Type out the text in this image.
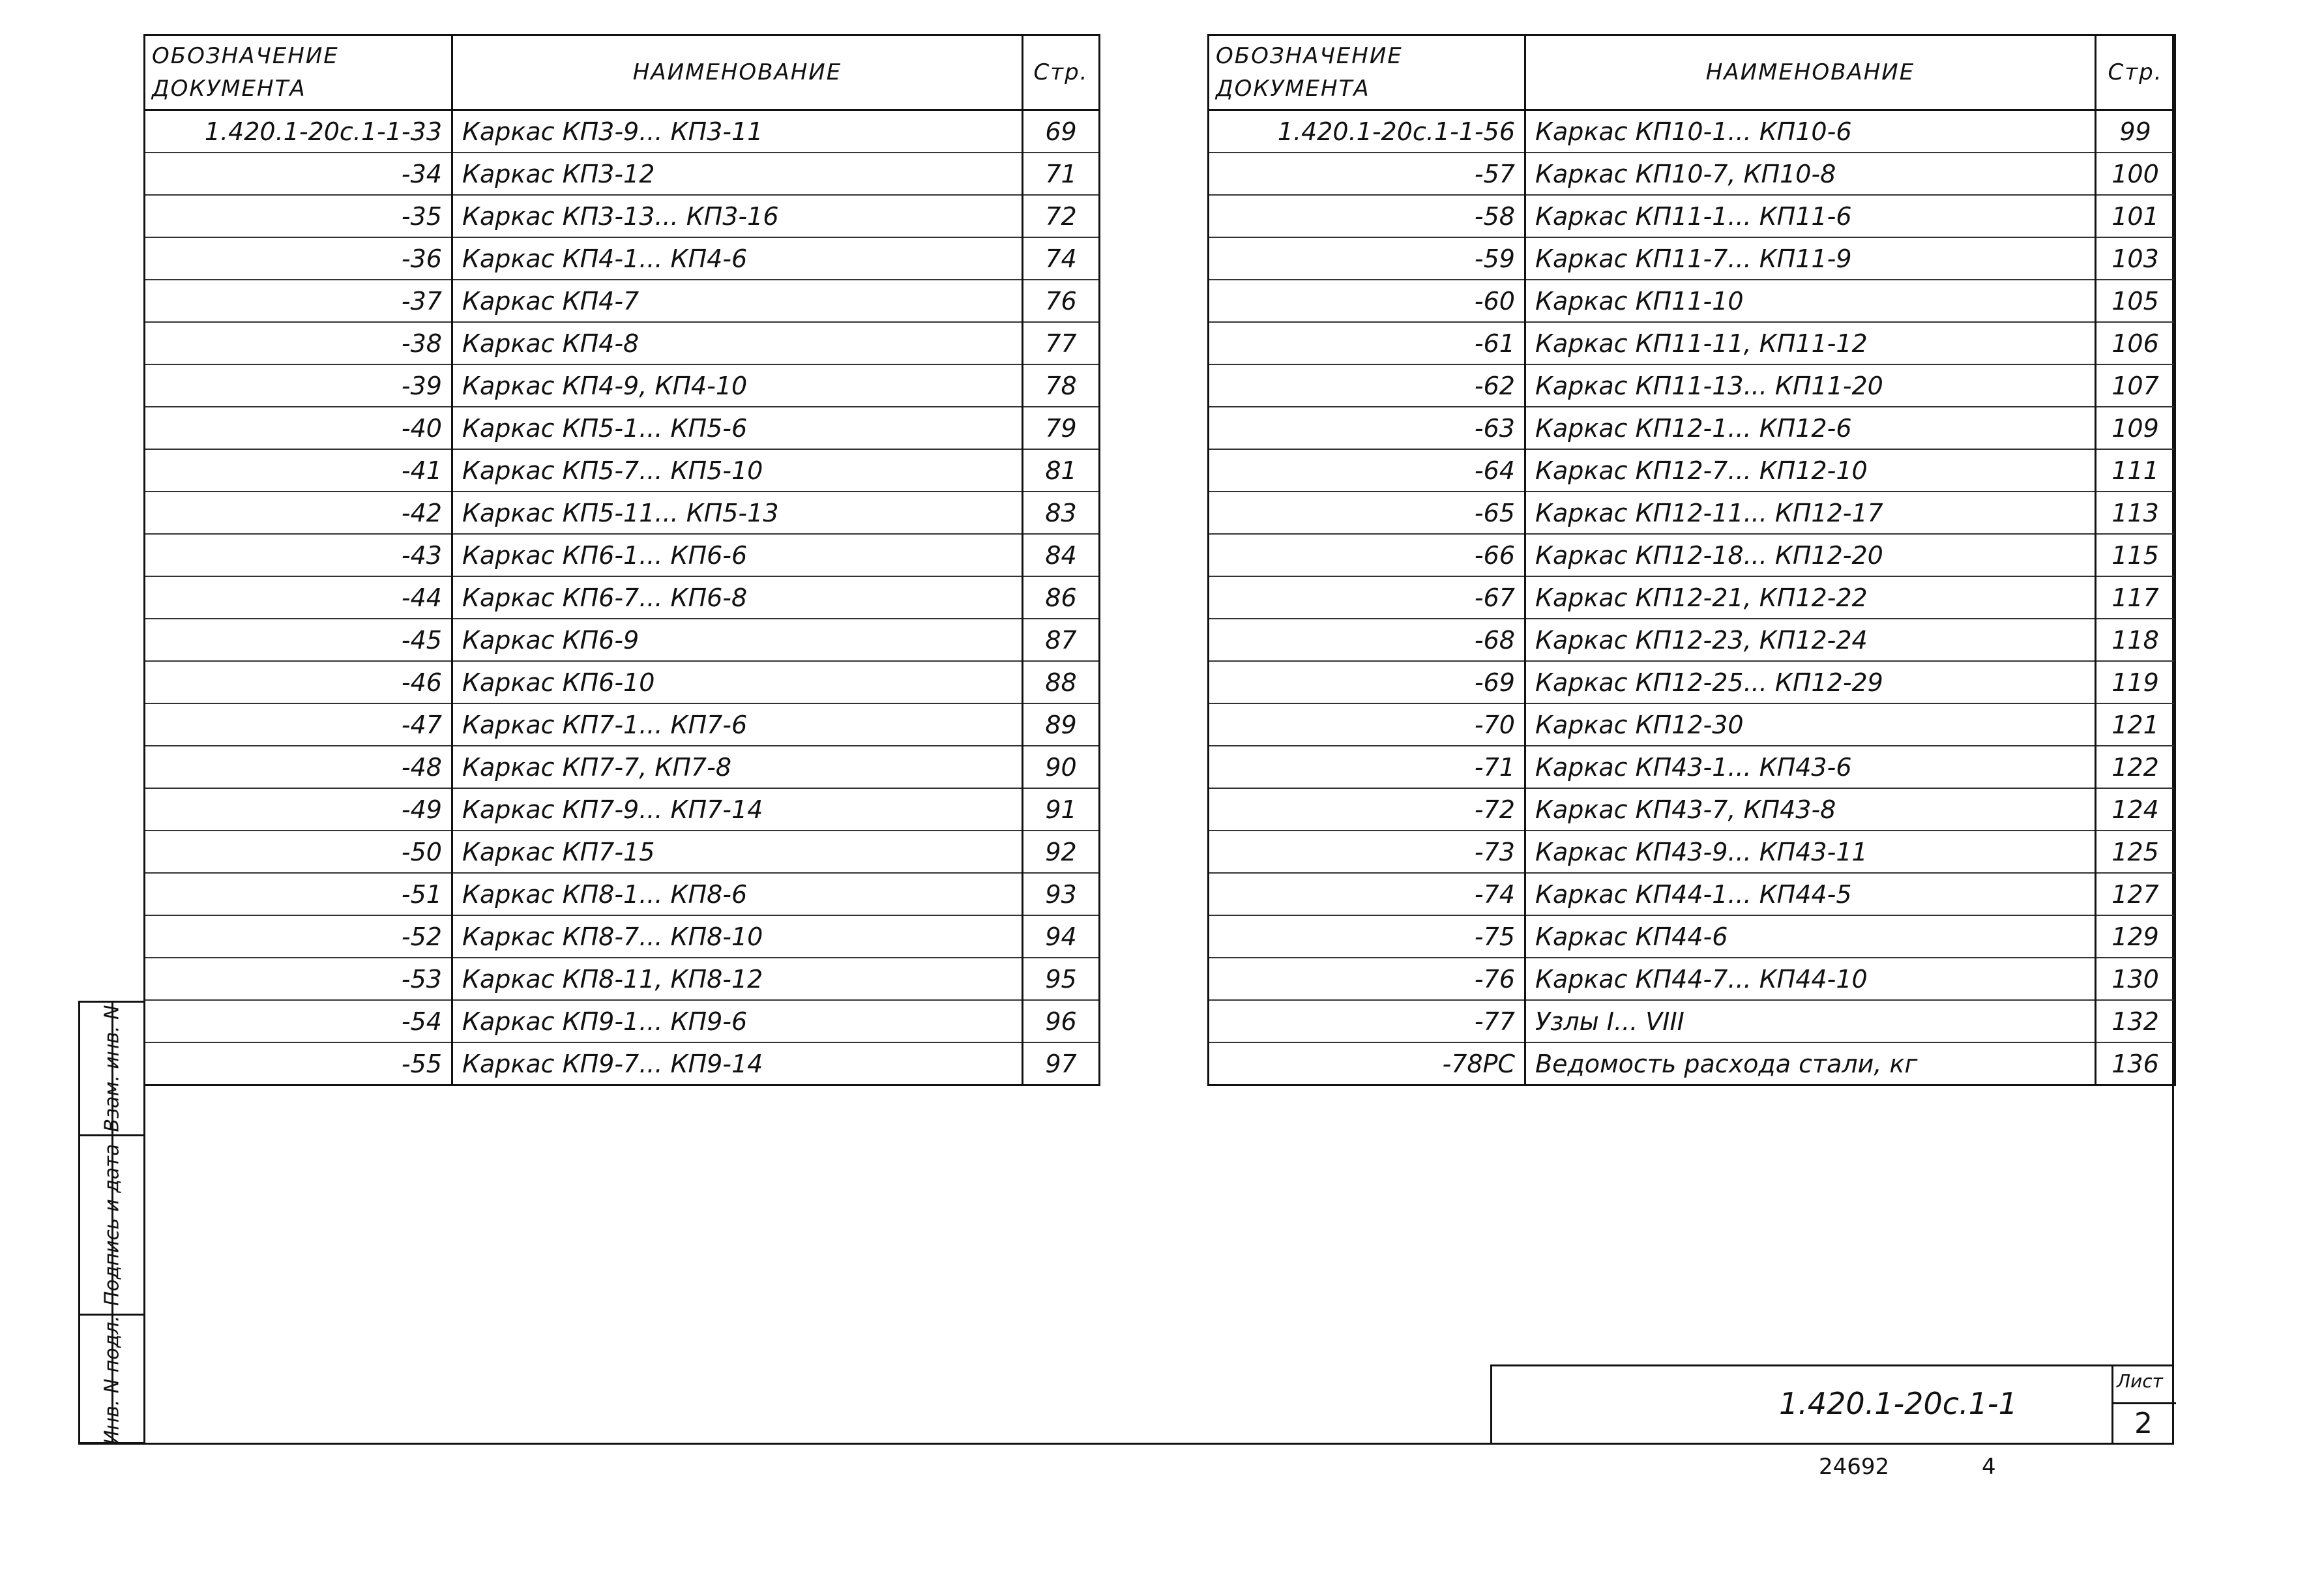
ОБОЗНАЧЕНИЕ ДОКУМЕНТА	НАИМЕНОВАНИЕ	Стр.
1.420.1-20с.1-1-33	Каркас КП3-9... КП3-11	69
-34	Каркас КП3-12	71
-35	Каркас КП3-13... КП3-16	72
-36	Каркас КП4-1... КП4-6	74
-37	Каркас КП4-7	76
-38	Каркас КП4-8	77
-39	Каркас КП4-9, КП4-10	78
-40	Каркас КП5-1... КП5-6	79
-41	Каркас КП5-7... КП5-10	81
-42	Каркас КП5-11... КП5-13	83
-43	Каркас КП6-1... КП6-6	84
-44	Каркас КП6-7... КП6-8	86
-45	Каркас КП6-9	87
-46	Каркас КП6-10	88
-47	Каркас КП7-1... КП7-6	89
-48	Каркас КП7-7, КП7-8	90
-49	Каркас КП7-9... КП7-14	91
-50	Каркас КП7-15	92
-51	Каркас КП8-1... КП8-6	93
-52	Каркас КП8-7... КП8-10	94
-53	Каркас КП8-11, КП8-12	95
-54	Каркас КП9-1... КП9-6	96
-55	Каркас КП9-7... КП9-14	97
ОБОЗНАЧЕНИЕ ДОКУМЕНТА	НАИМЕНОВАНИЕ	Стр.
1.420.1-20с.1-1-56	Каркас КП10-1... КП10-6	99
-57	Каркас КП10-7, КП10-8	100
-58	Каркас КП11-1... КП11-6	101
-59	Каркас КП11-7... КП11-9	103
-60	Каркас КП11-10	105
-61	Каркас КП11-11, КП11-12	106
-62	Каркас КП11-13... КП11-20	107
-63	Каркас КП12-1... КП12-6	109
-64	Каркас КП12-7... КП12-10	111
-65	Каркас КП12-11... КП12-17	113
-66	Каркас КП12-18... КП12-20	115
-67	Каркас КП12-21, КП12-22	117
-68	Каркас КП12-23, КП12-24	118
-69	Каркас КП12-25... КП12-29	119
-70	Каркас КП12-30	121
-71	Каркас КП43-1... КП43-6	122
-72	Каркас КП43-7, КП43-8	124
-73	Каркас КП43-9... КП43-11	125
-74	Каркас КП44-1... КП44-5	127
-75	Каркас КП44-6	129
-76	Каркас КП44-7... КП44-10	130
-77	Узлы I... VIII	132
-78РС	Ведомость расхода стали, кг	136
Взам. инв. N
Подпись и дата
Инв. N подл.	1.420.1-20с.1-1
Лист
2
24692	4
